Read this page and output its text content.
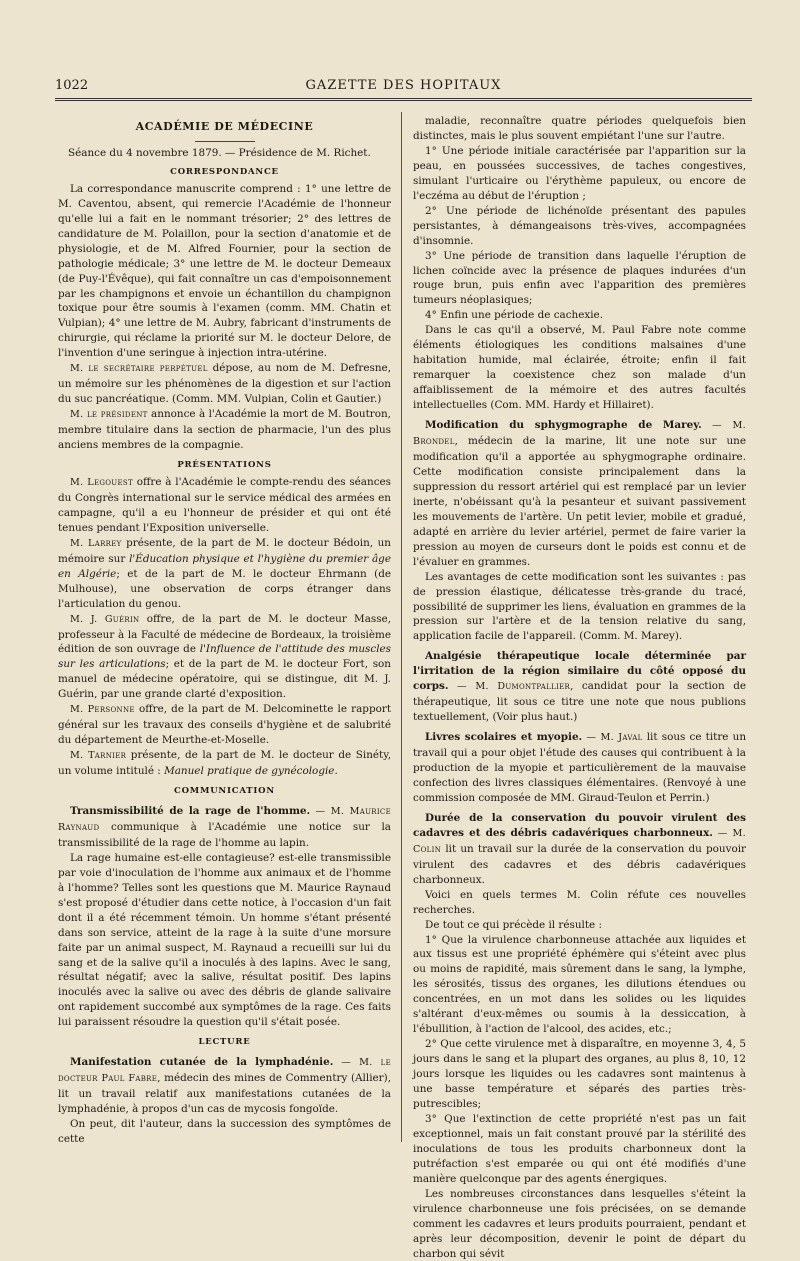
1022	GAZETTE DES HOPITAUX

ACADÉMIE DE MÉDECINE

Séance du 4 novembre 1879. — Présidence de M. Richet.

CORRESPONDANCE

La correspondance manuscrite comprend : 1° une lettre de M. Caventou, absent, qui remercie l'Académie de l'honneur qu'elle lui a fait en le nommant trésorier; 2° des lettres de candidature de M. Polaillon, pour la section d'anatomie et de physiologie, et de M. Alfred Fournier, pour la section de pathologie médicale; 3° une lettre de M. le docteur Demeaux (de Puy-l'Évêque), qui fait connaître un cas d'empoisonnement par les champignons et envoie un échantillon du champignon toxique pour être soumis à l'examen (comm. MM. Chatin et Vulpian); 4° une lettre de M. Aubry, fabricant d'instruments de chirurgie, qui réclame la priorité sur M. le docteur Delore, de l'invention d'une seringue à injection intra-utérine.

M. le secrétaire perpétuel dépose, au nom de M. Defresne, un mémoire sur les phénomènes de la digestion et sur l'action du suc pancréatique. (Comm. MM. Vulpian, Colin et Gautier.)

M. le président annonce à l'Académie la mort de M. Boutron, membre titulaire dans la section de pharmacie, l'un des plus anciens membres de la compagnie.

PRÉSENTATIONS

M. Legouest offre à l'Académie le compte-rendu des séances du Congrès international sur le service médical des armées en campagne, qu'il a eu l'honneur de présider et qui ont été tenues pendant l'Exposition universelle.

M. Larrey présente, de la part de M. le docteur Bédoin, un mémoire sur l'Éducation physique et l'hygiène du premier âge en Algérie; et de la part de M. le docteur Ehrmann (de Mulhouse), une observation de corps étranger dans l'articulation du genou.

M. J. Guérin offre, de la part de M. le docteur Masse, professeur à la Faculté de médecine de Bordeaux, la troisième édition de son ouvrage de l'Influence de l'attitude des muscles sur les articulations; et de la part de M. le docteur Fort, son manuel de médecine opératoire, qui se distingue, dit M. J. Guérin, par une grande clarté d'exposition.

M. Personne offre, de la part de M. Delcominette le rapport général sur les travaux des conseils d'hygiène et de salubrité du département de Meurthe-et-Moselle.

M. Tarnier présente, de la part de M. le docteur de Sinéty, un volume intitulé : Manuel pratique de gynécologie.

COMMUNICATION

Transmissibilité de la rage de l'homme. — M. Maurice Raynaud communique à l'Académie une notice sur la transmissibilité de la rage de l'homme au lapin.

La rage humaine est-elle contagieuse? est-elle transmissible par voie d'inoculation de l'homme aux animaux et de l'homme à l'homme? Telles sont les questions que M. Maurice Raynaud s'est proposé d'étudier dans cette notice, à l'occasion d'un fait dont il a été récemment témoin. Un homme s'étant présenté dans son service, atteint de la rage à la suite d'une morsure faite par un animal suspect, M. Raynaud a recueilli sur lui du sang et de la salive qu'il a inoculés à des lapins. Avec le sang, résultat négatif; avec la salive, résultat positif. Des lapins inoculés avec la salive ou avec des débris de glande salivaire ont rapidement succombé aux symptômes de la rage. Ces faits lui paraissent résoudre la question qu'il s'était posée.

LECTURE

Manifestation cutanée de la lymphadénie. — M. le docteur Paul Fabre, médecin des mines de Commentry (Allier), lit un travail relatif aux manifestations cutanées de la lymphadénie, à propos d'un cas de mycosis fongoïde.

On peut, dit l'auteur, dans la succession des symptômes de cette

maladie, reconnaître quatre périodes quelquefois bien distinctes, mais le plus souvent empiétant l'une sur l'autre.

1° Une période initiale caractérisée par l'apparition sur la peau, en poussées successives, de taches congestives, simulant l'urticaire ou l'érythème papuleux, ou encore de l'eczéma au début de l'éruption ;

2° Une période de lichénoïde présentant des papules persistantes, à démangeaisons très-vives, accompagnées d'insomnie.

3° Une période de transition dans laquelle l'éruption de lichen coïncide avec la présence de plaques indurées d'un rouge brun, puis enfin avec l'apparition des premières tumeurs néoplasiques;

4° Enfin une période de cachexie.

Dans le cas qu'il a observé, M. Paul Fabre note comme éléments étiologiques les conditions malsaines d'une habitation humide, mal éclairée, étroite; enfin il fait remarquer la coexistence chez son malade d'un affaiblissement de la mémoire et des autres facultés intellectuelles (Com. MM. Hardy et Hillairet).

Modification du sphygmographe de Marey. — M. Brondel, médecin de la marine, lit une note sur une modification qu'il a apportée au sphygmographe ordinaire. Cette modification consiste principalement dans la suppression du ressort artériel qui est remplacé par un levier inerte, n'obéissant qu'à la pesanteur et suivant passivement les mouvements de l'artère. Un petit levier, mobile et gradué, adapté en arrière du levier artériel, permet de faire varier la pression au moyen de curseurs dont le poids est connu et de l'évaluer en grammes.

Les avantages de cette modification sont les suivantes : pas de pression élastique, délicatesse très-grande du tracé, possibilité de supprimer les liens, évaluation en grammes de la pression sur l'artère et de la tension relative du sang, application facile de l'appareil. (Comm. M. Marey).

Analgésie thérapeutique locale déterminée par l'irritation de la région similaire du côté opposé du corps. — M. Dumontpallier, candidat pour la section de thérapeutique, lit sous ce titre une note que nous publions textuellement, (Voir plus haut.)

Livres scolaires et myopie. — M. Javal lit sous ce titre un travail qui a pour objet l'étude des causes qui contribuent à la production de la myopie et particulièrement de la mauvaise confection des livres classiques élémentaires. (Renvoyé à une commission composée de MM. Giraud-Teulon et Perrin.)

Durée de la conservation du pouvoir virulent des cadavres et des débris cadavériques charbonneux. — M. Colin lit un travail sur la durée de la conservation du pouvoir virulent des cadavres et des débris cadavériques charbonneux.

Voici en quels termes M. Colin réfute ces nouvelles recherches.

De tout ce qui précède il résulte :

1° Que la virulence charbonneuse attachée aux liquides et aux tissus est une propriété éphémère qui s'éteint avec plus ou moins de rapidité, mais sûrement dans le sang, la lymphe, les sérosités, tissus des organes, les dilutions étendues ou concentrées, en un mot dans les solides ou les liquides s'altérant d'eux-mêmes ou soumis à la dessiccation, à l'ébullition, à l'action de l'alcool, des acides, etc.;

2° Que cette virulence met à disparaître, en moyenne 3, 4, 5 jours dans le sang et la plupart des organes, au plus 8, 10, 12 jours lorsque les liquides ou les cadavres sont maintenus à une basse température et séparés des parties très-putrescibles;

3° Que l'extinction de cette propriété n'est pas un fait exceptionnel, mais un fait constant prouvé par la stérilité des inoculations de tous les produits charbonneux dont la putréfaction s'est emparée ou qui ont été modifiés d'une manière quelconque par des agents énergiques.

Les nombreuses circonstances dans lesquelles s'éteint la virulence charbonneuse une fois précisées, on se demande comment les cadavres et leurs produits pourraient, pendant et après leur décomposition, devenir le point de départ du charbon qui sévit
